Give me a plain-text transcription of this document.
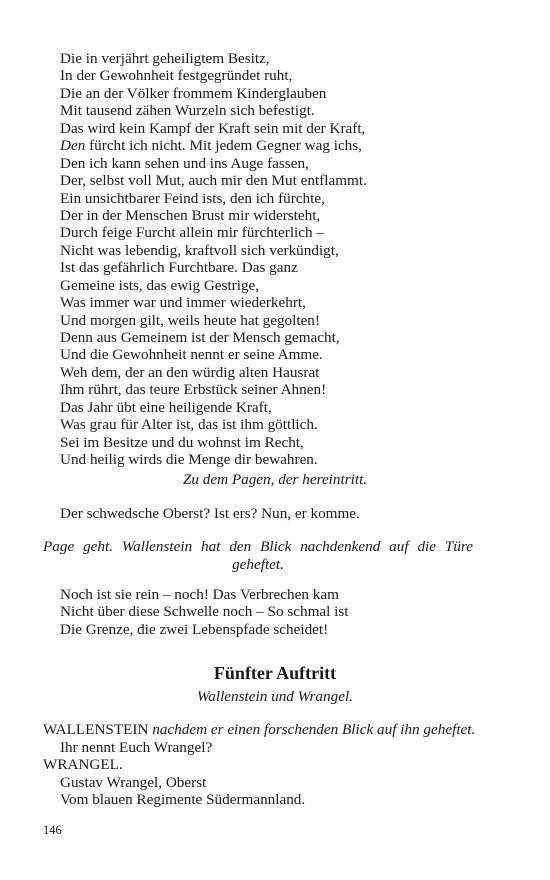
Die in verjährt geheiligtem Besitz,
In der Gewohnheit festgegründet ruht,
Die an der Völker frommem Kinderglauben
Mit tausend zähen Wurzeln sich befestigt.
Das wird kein Kampf der Kraft sein mit der Kraft,
Den fürcht ich nicht. Mit jedem Gegner wag ichs,
Den ich kann sehen und ins Auge fassen,
Der, selbst voll Mut, auch mir den Mut entflammt.
Ein unsichtbarer Feind ists, den ich fürchte,
Der in der Menschen Brust mir widersteht,
Durch feige Furcht allein mir fürchterlich –
Nicht was lebendig, kraftvoll sich verkündigt,
Ist das gefährlich Furchtbare. Das ganz
Gemeine ists, das ewig Gestrige,
Was immer war und immer wiederkehrt,
Und morgen gilt, weils heute hat gegolten!
Denn aus Gemeinem ist der Mensch gemacht,
Und die Gewohnheit nennt er seine Amme.
Weh dem, der an den würdig alten Hausrat
Ihm rührt, das teure Erbstück seiner Ahnen!
Das Jahr übt eine heiligende Kraft,
Was grau für Alter ist, das ist ihm göttlich.
Sei im Besitze und du wohnst im Recht,
Und heilig wirds die Menge dir bewahren.
Zu dem Pagen, der hereintritt.
Der schwedsche Oberst? Ist ers? Nun, er komme.
Page geht. Wallenstein hat den Blick nachdenkend auf die Türe geheftet.
Noch ist sie rein – noch! Das Verbrechen kam
Nicht über diese Schwelle noch – So schmal ist
Die Grenze, die zwei Lebenspfade scheidet!
Fünfter Auftritt
Wallenstein und Wrangel.
WALLENSTEIN nachdem er einen forschenden Blick auf ihn geheftet.
Ihr nennt Euch Wrangel?
WRANGEL.
Gustav Wrangel, Oberst
Vom blauen Regimente Südermannland.
146
